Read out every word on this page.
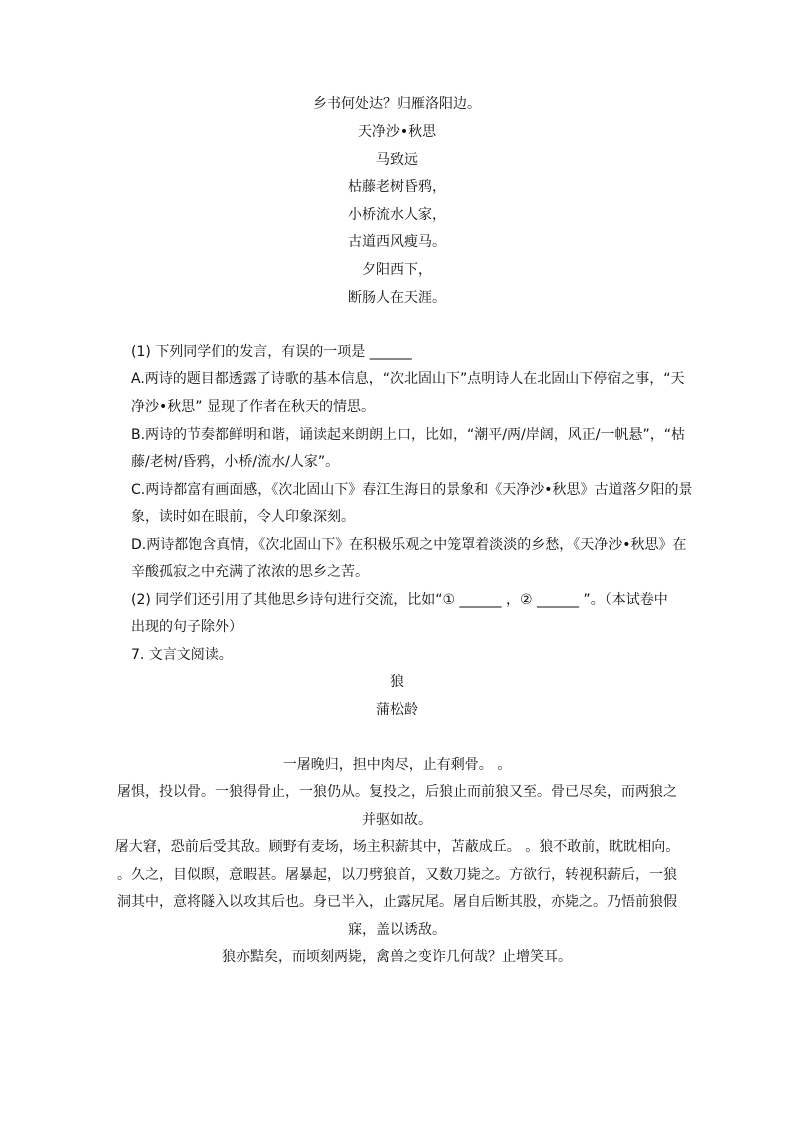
乡书何处达？归雁洛阳边。
天净沙•秋思
马致远
枯藤老树昏鸦，
小桥流水人家，
古道西风瘦马。
夕阳西下，
断肠人在天涯。
(1) 下列同学们的发言，有误的一项是 ______
A.两诗的题目都透露了诗歌的基本信息，“次北固山下”点明诗人在北固山下停宿之事，“天
净沙•秋思” 显现了作者在秋天的情思。
B.两诗的节奏都鲜明和谐，诵读起来朗朗上口，比如，“潮平/两/岸阔，风正/一帆悬”，“枯
藤/老树/昏鸦，小桥/流水/人家”。
C.两诗都富有画面感，《次北固山下》春江生海日的景象和《天净沙•秋思》古道落夕阳的景
象，读时如在眼前，令人印象深刻。
D.两诗都饱含真情，《次北固山下》在积极乐观之中笼罩着淡淡的乡愁，《天净沙•秋思》在
辛酸孤寂之中充满了浓浓的思乡之苦。
(2) 同学们还引用了其他思乡诗句进行交流，比如“① ______ ，② ______ ”。（本试卷中
出现的句子除外）
7. 文言文阅读。
狼
蒲松龄
一屠晚归，担中肉尽，止有剩骨。 。
屠惧，投以骨。一狼得骨止，一狼仍从。复投之，后狼止而前狼又至。骨已尽矣，而两狼之
并驱如故。
屠大窘，恐前后受其敌。顾野有麦场，场主积薪其中，苫蔽成丘。 。狼不敢前，眈眈相向。
。久之，目似瞑，意暇甚。屠暴起，以刀劈狼首，又数刀毙之。方欲行，转视积薪后，一狼
洞其中，意将隧入以攻其后也。身已半入，止露尻尾。屠自后断其股，亦毙之。乃悟前狼假
寐，盖以诱敌。
狼亦黠矣，而顷刻两毙，禽兽之变诈几何哉？止增笑耳。
